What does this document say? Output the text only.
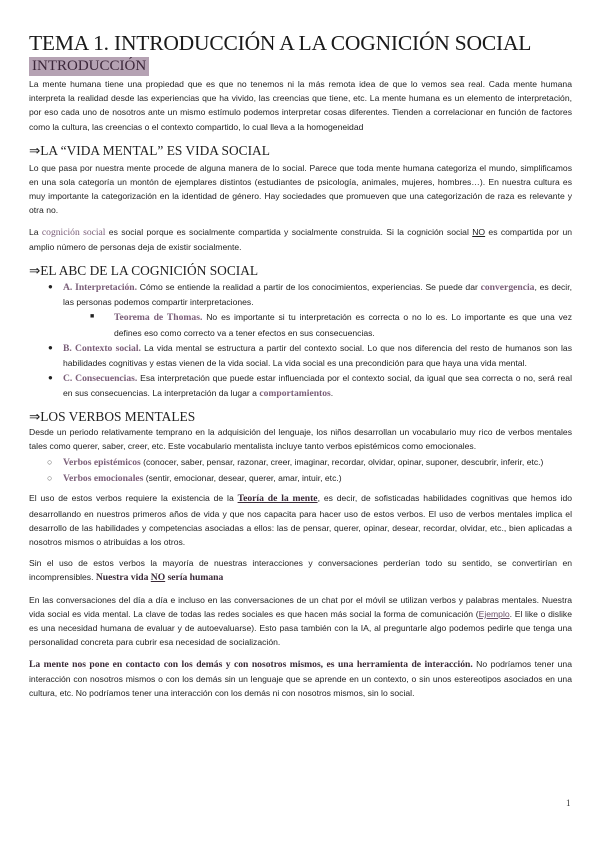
TEMA 1. INTRODUCCIÓN A LA COGNICIÓN SOCIAL
INTRODUCCIÓN

La mente humana tiene una propiedad que es que no tenemos ni la más remota idea de que lo vemos sea real. Cada mente humana interpreta la realidad desde las experiencias que ha vivido, las creencias que tiene, etc. La mente humana es un elemento de interpretación, por eso cada uno de nosotros ante un mismo estímulo podemos interpretar cosas diferentes. Tienden a correlacionar en función de factores como la cultura, las creencias o el contexto compartido, lo cual lleva a la homogeneidad

⇒LA “VIDA MENTAL” ES VIDA SOCIAL

Lo que pasa por nuestra mente procede de alguna manera de lo social. Parece que toda mente humana categoriza el mundo, simplificamos en una sola categoría un montón de ejemplares distintos (estudiantes de psicología, animales, mujeres, hombres…). En nuestra cultura es muy importante la categorización en la identidad de género. Hay sociedades que promueven que una categorización de raza es relevante y otra no.

La cognición social es social porque es socialmente compartida y socialmente construida. Si la cognición social NO es compartida por un amplio número de personas deja de existir socialmente.

⇒EL ABC DE LA COGNICIÓN SOCIAL
● A. Interpretación. Cómo se entiende la realidad a partir de los conocimientos, experiencias. Se puede dar convergencia, es decir, las personas podemos compartir interpretaciones.
■ Teorema de Thomas. No es importante si tu interpretación es correcta o no lo es. Lo importante es que una vez defines eso como correcto va a tener efectos en sus consecuencias.
● B. Contexto social. La vida mental se estructura a partir del contexto social. Lo que nos diferencia del resto de humanos son las habilidades cognitivas y estas vienen de la vida social. La vida social es una precondición para que haya una vida mental.
● C. Consecuencias. Esa interpretación que puede estar influenciada por el contexto social, da igual que sea correcta o no, será real en sus consecuencias. La interpretación da lugar a comportamientos.
⇒LOS VERBOS MENTALES

Desde un periodo relativamente temprano en la adquisición del lenguaje, los niños desarrollan un vocabulario muy rico de verbos mentales tales como querer, saber, creer, etc. Este vocabulario mentalista incluye tanto verbos epistémicos como emocionales.

○ Verbos epistémicos (conocer, saber, pensar, razonar, creer, imaginar, recordar, olvidar, opinar, suponer, descubrir, inferir, etc.)
○ Verbos emocionales (sentir, emocionar, desear, querer, amar, intuir, etc.)

El uso de estos verbos requiere la existencia de la Teoría de la mente, es decir, de sofisticadas habilidades cognitivas que hemos ido desarrollando en nuestros primeros años de vida y que nos capacita para hacer uso de estos verbos. El uso de verbos mentales implica el desarrollo de las habilidades y competencias asociadas a ellos: las de pensar, querer, opinar, desear, recordar, olvidar, etc., bien aplicadas a nosotros mismos o atribuidas a los otros.

Sin el uso de estos verbos la mayoría de nuestras interacciones y conversaciones perderían todo su sentido, se convertirían en incomprensibles. Nuestra vida NO sería humana

En las conversaciones del día a día e incluso en las conversaciones de un chat por el móvil se utilizan verbos y palabras mentales. Nuestra vida social es vida mental. La clave de todas las redes sociales es que hacen más social la forma de comunicación (Ejemplo. El like o dislike es una necesidad humana de evaluar y de autoevaluarse). Esto pasa también con la IA, al preguntarle algo podemos pedirle que tenga una personalidad concreta para cubrir esa necesidad de socialización.

La mente nos pone en contacto con los demás y con nosotros mismos, es una herramienta de interacción. No podríamos tener una interacción con nosotros mismos o con los demás sin un lenguaje que se aprende en un contexto, o sin unos estereotipos asociados en una cultura, etc. No podríamos tener una interacción con los demás ni con nosotros mismos, sin lo social.

1
